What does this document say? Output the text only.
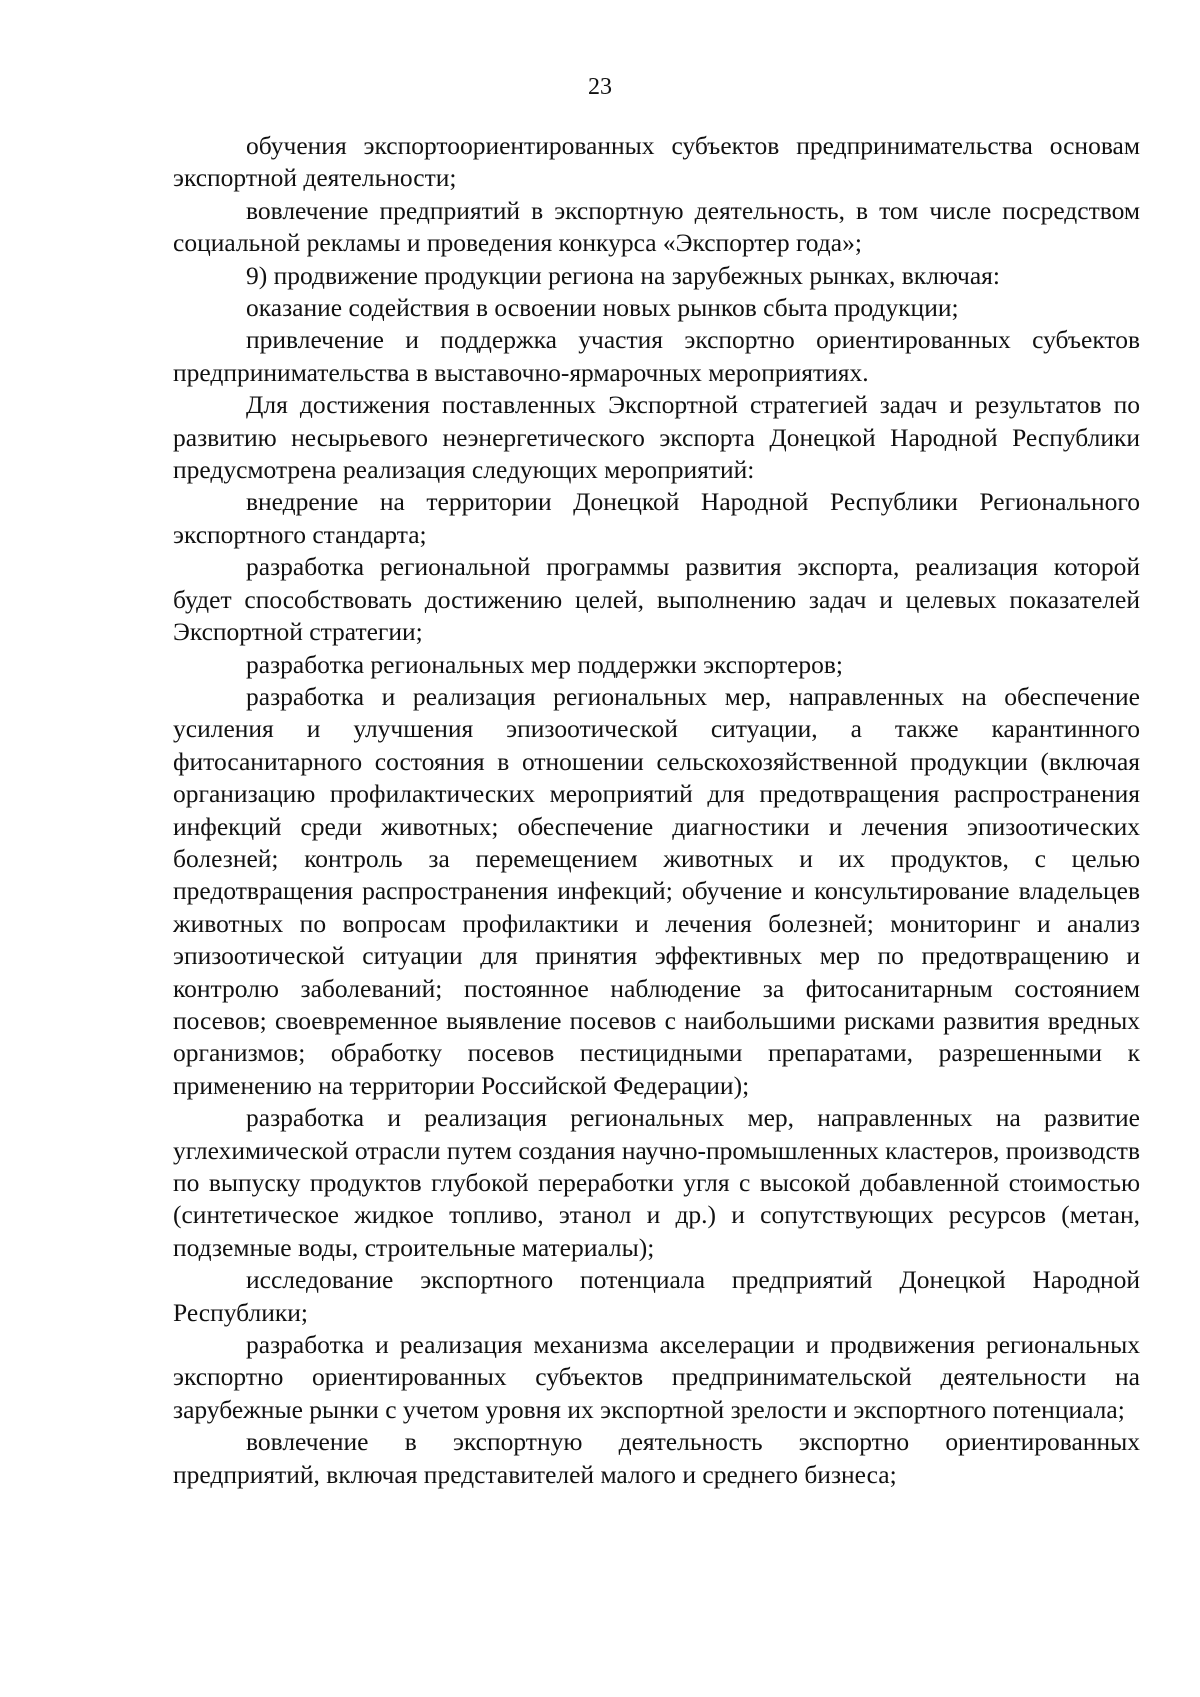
23

обучения экспортоориентированных субъектов предпринимательства основам экспортной деятельности;

вовлечение предприятий в экспортную деятельность, в том числе посредством социальной рекламы и проведения конкурса «Экспортер года»;

9) продвижение продукции региона на зарубежных рынках, включая:

оказание содействия в освоении новых рынков сбыта продукции;

привлечение и поддержка участия экспортно ориентированных субъектов предпринимательства в выставочно-ярмарочных мероприятиях.

Для достижения поставленных Экспортной стратегией задач и результатов по развитию несырьевого неэнергетического экспорта Донецкой Народной Республики предусмотрена реализация следующих мероприятий:

внедрение на территории Донецкой Народной Республики Регионального экспортного стандарта;

разработка региональной программы развития экспорта, реализация которой будет способствовать достижению целей, выполнению задач и целевых показателей Экспортной стратегии;

разработка региональных мер поддержки экспортеров;

разработка и реализация региональных мер, направленных на обеспечение усиления и улучшения эпизоотической ситуации, а также карантинного фитосанитарного состояния в отношении сельскохозяйственной продукции (включая организацию профилактических мероприятий для предотвращения распространения инфекций среди животных; обеспечение диагностики и лечения эпизоотических болезней; контроль за перемещением животных и их продуктов, с целью предотвращения распространения инфекций; обучение и консультирование владельцев животных по вопросам профилактики и лечения болезней; мониторинг и анализ эпизоотической ситуации для принятия эффективных мер по предотвращению и контролю заболеваний; постоянное наблюдение за фитосанитарным состоянием посевов; своевременное выявление посевов с наибольшими рисками развития вредных организмов; обработку посевов пестицидными препаратами, разрешенными к применению на территории Российской Федерации);

разработка и реализация региональных мер, направленных на развитие углехимической отрасли путем создания научно-промышленных кластеров, производств по выпуску продуктов глубокой переработки угля с высокой добавленной стоимостью (синтетическое жидкое топливо, этанол и др.) и сопутствующих ресурсов (метан, подземные воды, строительные материалы);

исследование экспортного потенциала предприятий Донецкой Народной Республики;

разработка и реализация механизма акселерации и продвижения региональных экспортно ориентированных субъектов предпринимательской деятельности на зарубежные рынки с учетом уровня их экспортной зрелости и экспортного потенциала;

вовлечение в экспортную деятельность экспортно ориентированных предприятий, включая представителей малого и среднего бизнеса;
